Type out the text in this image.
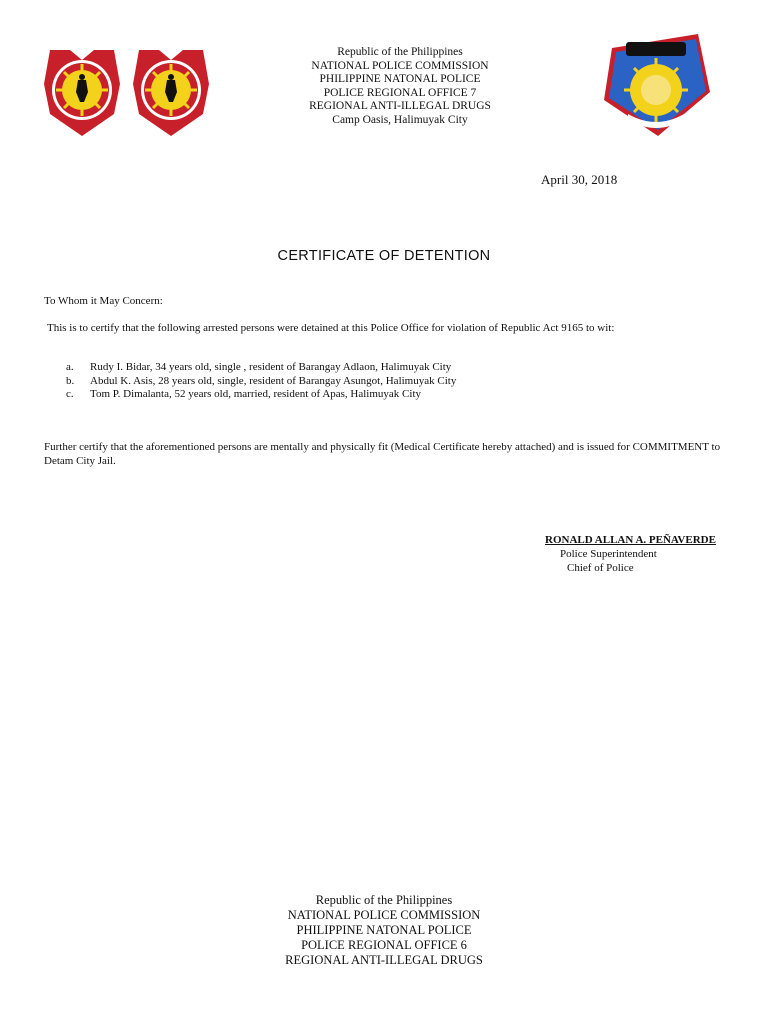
Republic of the Philippines
NATIONAL POLICE COMMISSION
PHILIPPINE NATONAL POLICE
POLICE REGIONAL OFFICE 7
REGIONAL ANTI-ILLEGAL DRUGS
Camp Oasis, Halimuyak City
April 30, 2018
CERTIFICATE OF DETENTION
To Whom it May Concern:
This is to certify that the following arrested persons were detained at this Police Office for violation of Republic Act 9165 to wit:
a. Rudy I. Bidar, 34 years old, single , resident of Barangay Adlaon, Halimuyak City
b. Abdul K. Asis, 28 years old, single, resident of Barangay Asungot, Halimuyak City
c. Tom P. Dimalanta, 52 years old, married, resident of Apas, Halimuyak City
Further certify that the aforementioned persons are mentally and physically fit (Medical Certificate hereby attached) and is issued for COMMITMENT to Detam City Jail.
RONALD ALLAN A. PEÑAVERDE
Police Superintendent
Chief of Police
Republic of the Philippines
NATIONAL POLICE COMMISSION
PHILIPPINE NATONAL POLICE
POLICE REGIONAL OFFICE 6
REGIONAL ANTI-ILLEGAL DRUGS
